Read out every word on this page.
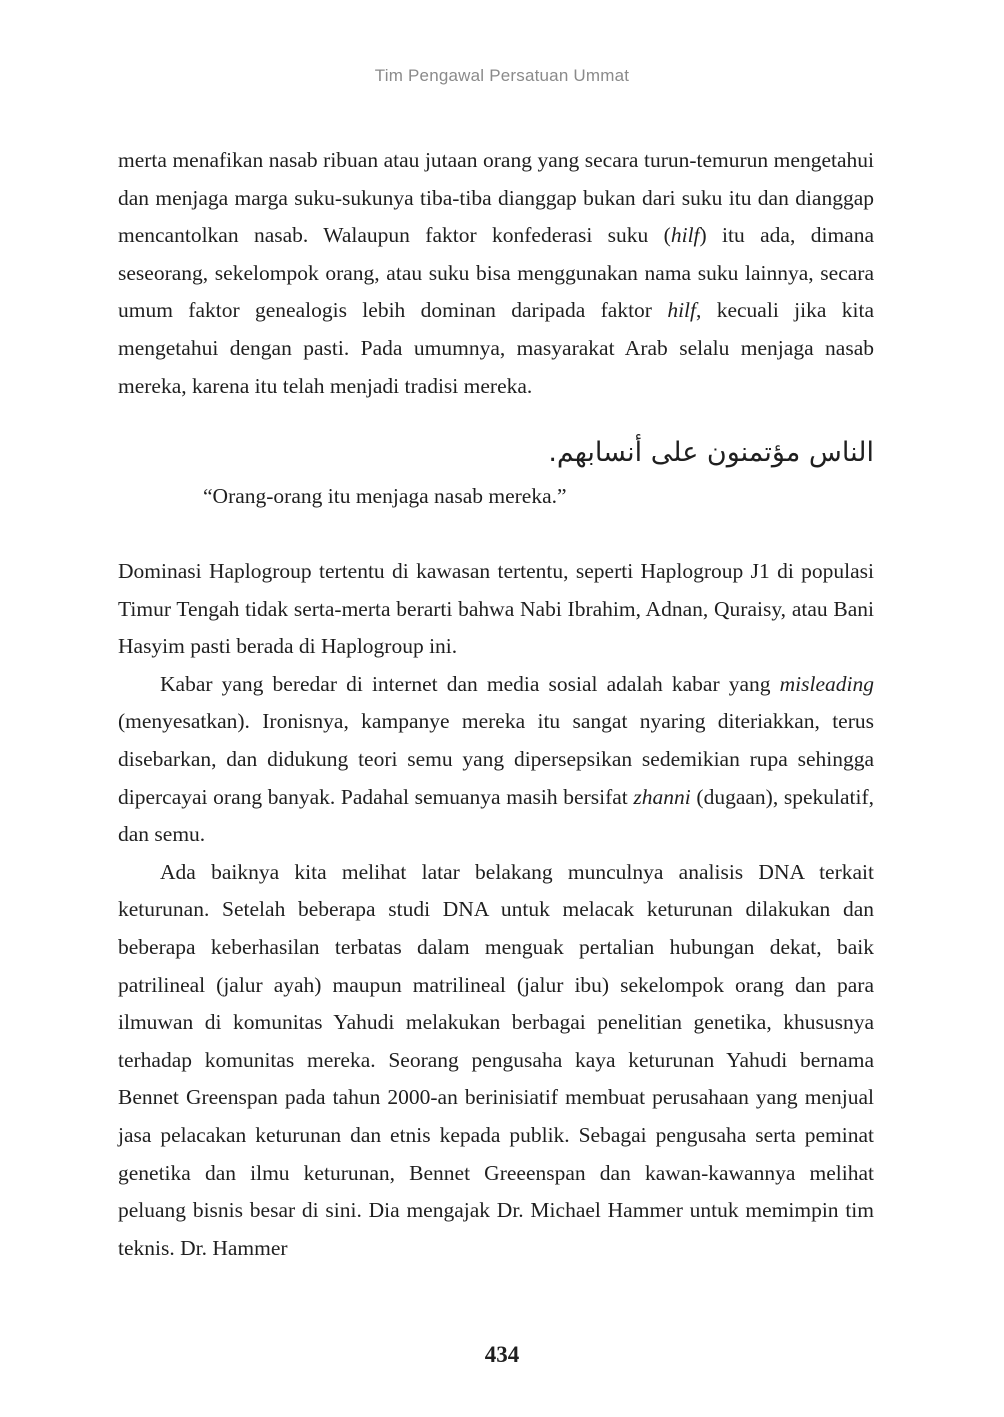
Tim Pengawal Persatuan Ummat

merta menafikan nasab ribuan atau jutaan orang yang secara turun-temurun mengetahui dan menjaga marga suku-sukunya tiba-tiba dianggap bukan dari suku itu dan dianggap mencantolkan nasab. Walaupun faktor konfederasi suku (hilf) itu ada, dimana seseorang, sekelompok orang, atau suku bisa menggunakan nama suku lainnya, secara umum faktor genealogis lebih dominan daripada faktor hilf, kecuali jika kita mengetahui dengan pasti. Pada umumnya, masyarakat Arab selalu menjaga nasab mereka, karena itu telah menjadi tradisi mereka.

الناس مؤتمنون على أنسابهم.
“Orang-orang itu menjaga nasab mereka.”

Dominasi Haplogroup tertentu di kawasan tertentu, seperti Haplogroup J1 di populasi Timur Tengah tidak serta-merta berarti bahwa Nabi Ibrahim, Adnan, Quraisy, atau Bani Hasyim pasti berada di Haplogroup ini.

Kabar yang beredar di internet dan media sosial adalah kabar yang misleading (menyesatkan). Ironisnya, kampanye mereka itu sangat nyaring diteriakkan, terus disebarkan, dan didukung teori semu yang dipersepsikan sedemikian rupa sehingga dipercayai orang banyak. Padahal semuanya masih bersifat zhanni (dugaan), spekulatif, dan semu.

Ada baiknya kita melihat latar belakang munculnya analisis DNA terkait keturunan. Setelah beberapa studi DNA untuk melacak keturunan dilakukan dan beberapa keberhasilan terbatas dalam menguak pertalian hubungan dekat, baik patrilineal (jalur ayah) maupun matrilineal (jalur ibu) sekelompok orang dan para ilmuwan di komunitas Yahudi melakukan berbagai penelitian genetika, khususnya terhadap komunitas mereka. Seorang pengusaha kaya keturunan Yahudi bernama Bennet Greenspan pada tahun 2000-an berinisiatif membuat perusahaan yang menjual jasa pelacakan keturunan dan etnis kepada publik. Sebagai pengusaha serta peminat genetika dan ilmu keturunan, Bennet Greeenspan dan kawan-kawannya melihat peluang bisnis besar di sini. Dia mengajak Dr. Michael Hammer untuk memimpin tim teknis. Dr. Hammer

434
